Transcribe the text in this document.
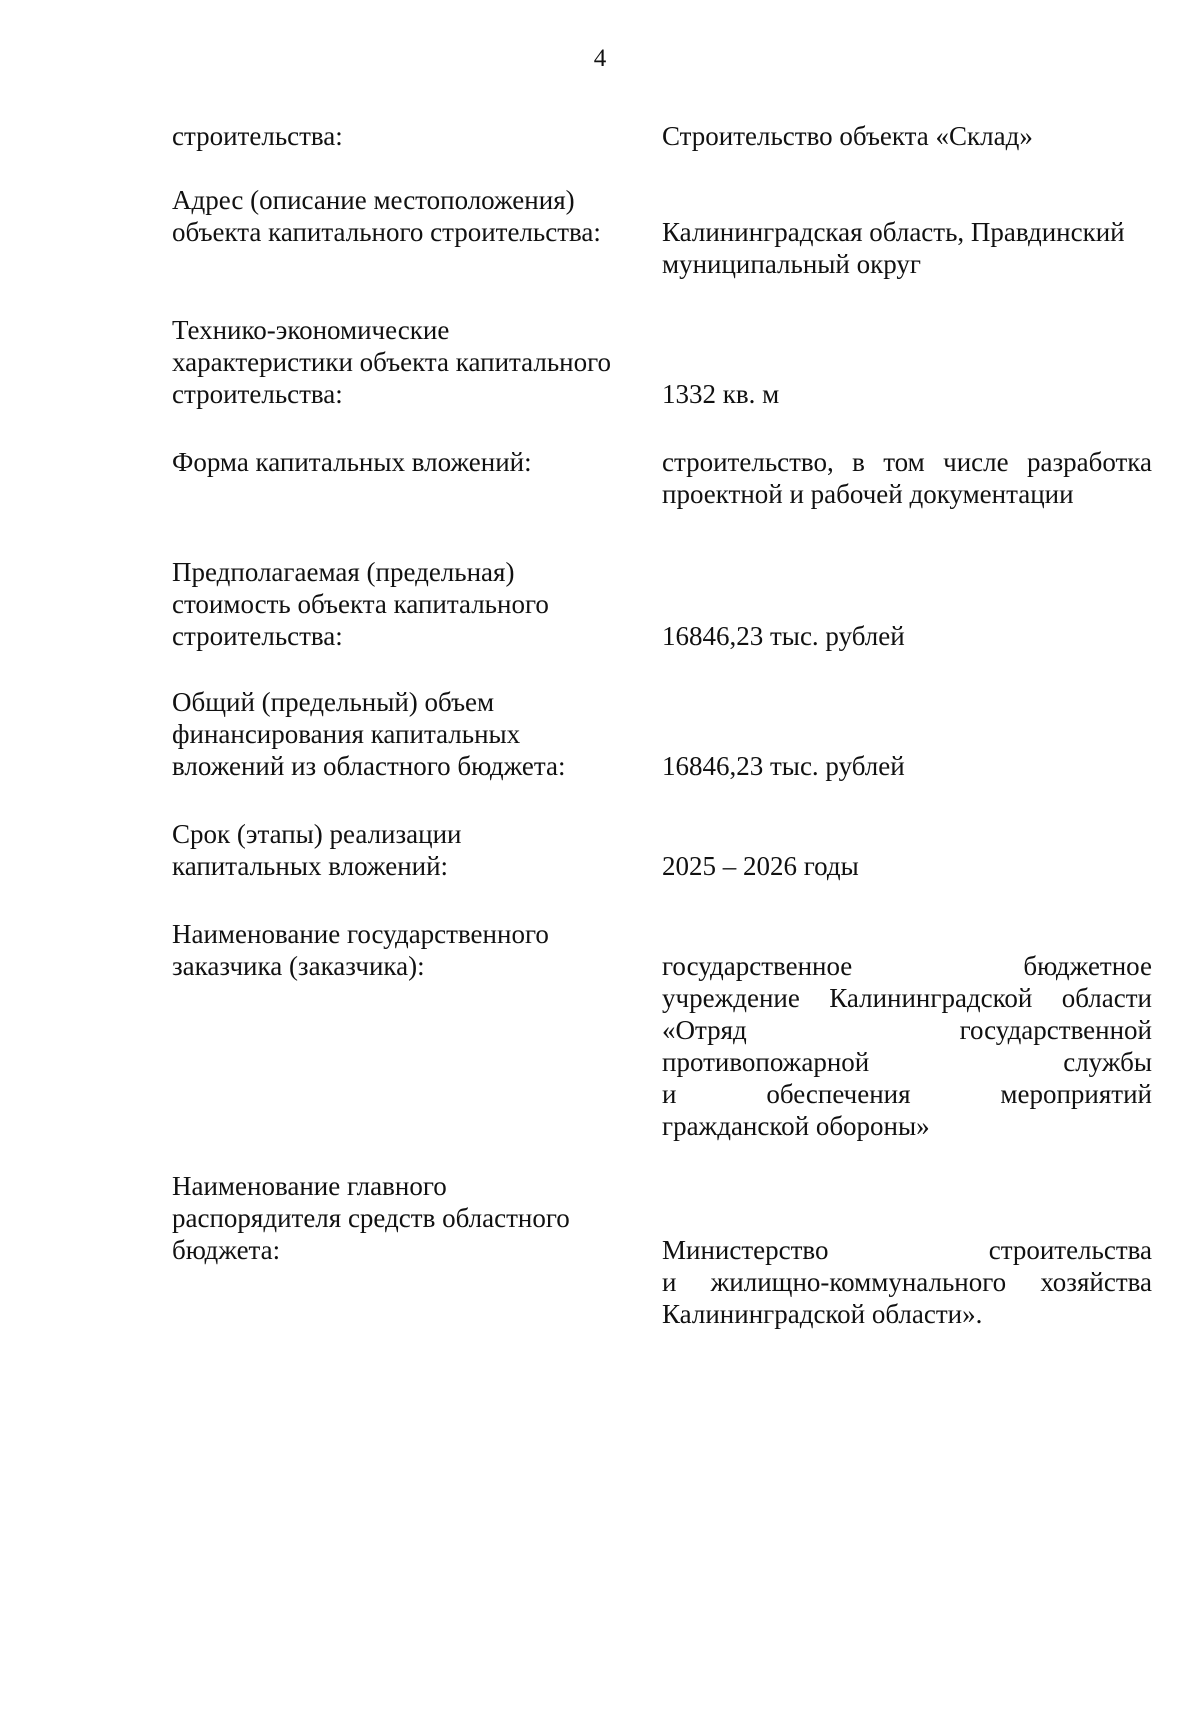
4
строительства:	Строительство объекта «Склад»
Адрес (описание местоположения)
объекта капитального строительства:	Калининградская область, Правдинский
муниципальный округ
Технико-экономические
характеристики объекта капитального
строительства:	1332 кв. м
Форма капитальных вложений:	строительство, в том числе разработка
проектной и рабочей документации
Предполагаемая (предельная)
стоимость объекта капитального
строительства:	16846,23 тыс. рублей
Общий (предельный) объем
финансирования капитальных
вложений из областного бюджета:	16846,23 тыс. рублей
Срок (этапы) реализации
капитальных вложений:	2025 – 2026 годы
Наименование государственного
заказчика (заказчика):	государственное бюджетное
учреждение Калининградской области
«Отряд государственной
противопожарной службы
и обеспечения мероприятий
гражданской обороны»
Наименование главного
распорядителя средств областного
бюджета:	Министерство строительства
и жилищно-коммунального хозяйства
Калининградской области».
